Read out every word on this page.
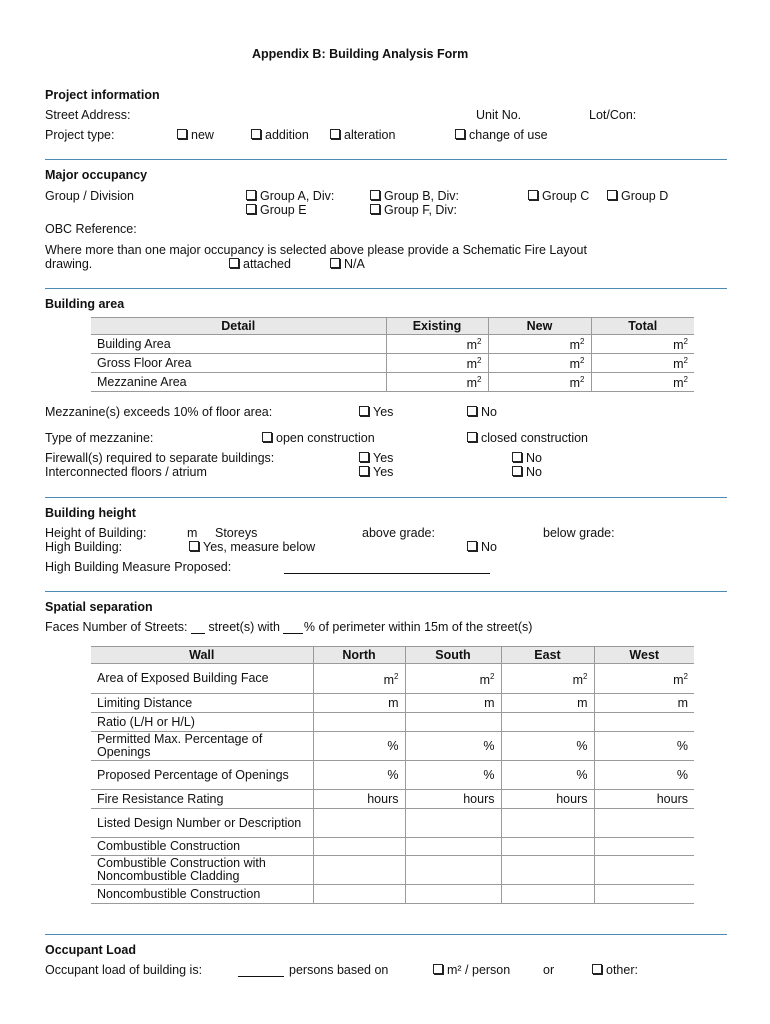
Appendix B: Building Analysis Form
Project information
Street Address:	Unit No.	Lot/Con:
Project type:	new	addition	alteration	change of use
Major occupancy
Group / Division	Group A, Div:	Group B, Div:	Group C	Group D
Group E	Group F, Div:
OBC Reference:
Where more than one major occupancy is selected above please provide a Schematic Fire Layout
drawing.	attached	N/A
Building area
Detail	Existing	New	Total
Building Area	$m^2$	$m^2$	$m^2$
Gross Floor Area	$m^2$	$m^2$	$m^2$
Mezzanine Area	$m^2$	$m^2$	$m^2$
Mezzanine(s) exceeds 10% of floor area:	Yes	No
Type of mezzanine:	open construction	closed construction
Firewall(s) required to separate buildings:	Yes	No
Interconnected floors / atrium	Yes	No
Building height
Height of Building:	m Storeys	above grade:	below grade:
High Building:	Yes, measure below	No
High Building Measure Proposed:
Spatial separation
Faces Number of Streets: street(s) with % of perimeter within 15m of the street(s)
Wall	North	South	East	West
Area of Exposed Building Face	$m^2$	$m^2$	$m^2$	$m^2$
Limiting Distance	m	m	m	m
Ratio (L/H or H/L)				
Permitted Max. Percentage of Openings	%	%	%	%
Proposed Percentage of Openings	%	%	%	%
Fire Resistance Rating	hours	hours	hours	hours
Listed Design Number or Description				
Combustible Construction				
Combustible Construction with Noncombustible Cladding				
Noncombustible Construction				
Occupant Load
Occupant load of building is:	persons based on	m² / person	or	other:
